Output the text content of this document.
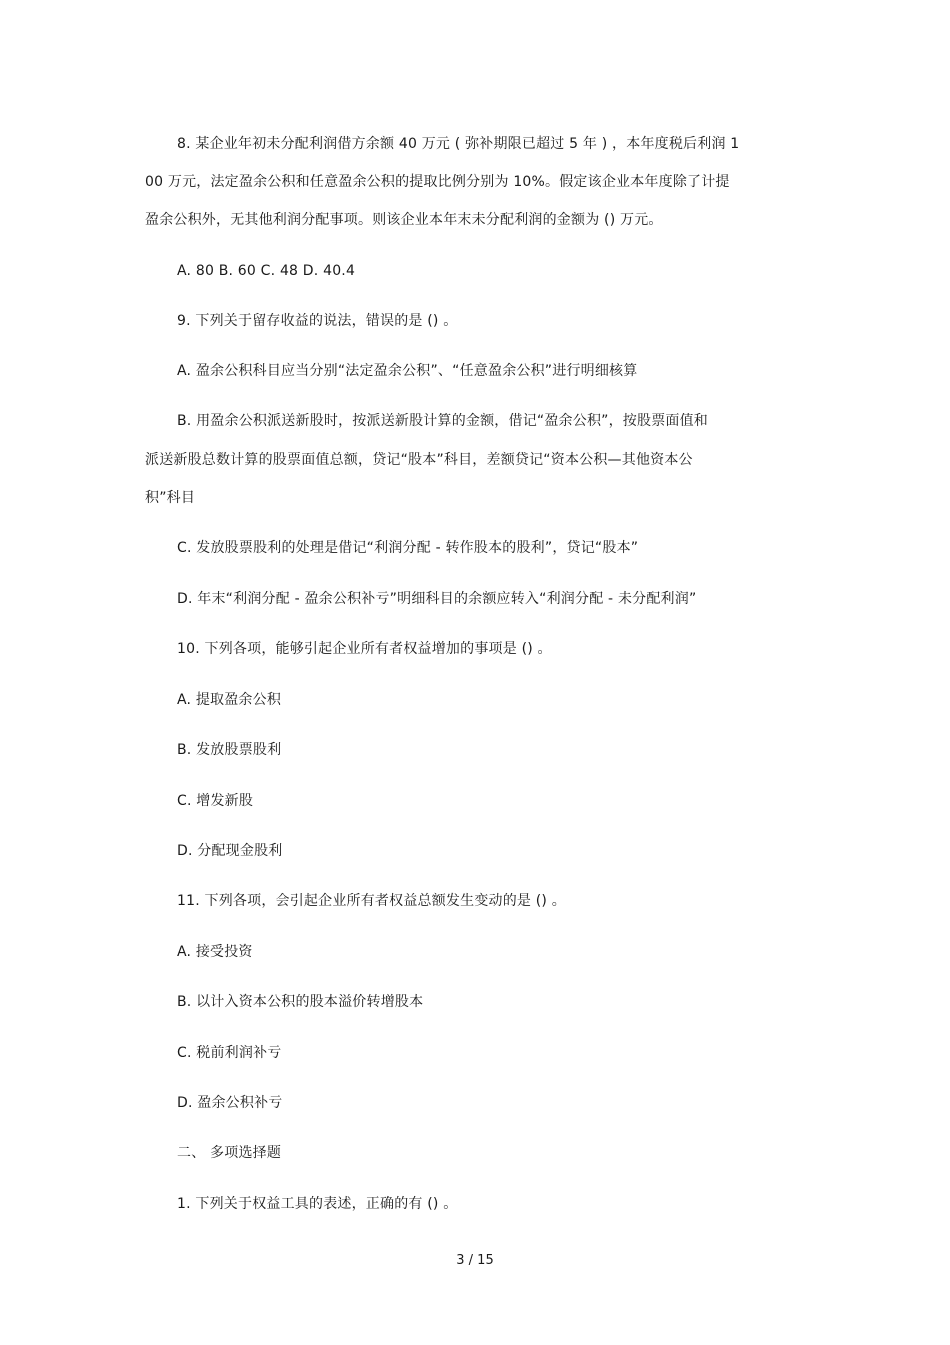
8. 某企业年初未分配利润借方余额 40 万元 ( 弥补期限已超过 5 年 ) ，本年度税后利润 1
00 万元，法定盈余公积和任意盈余公积的提取比例分别为 10%。假定该企业本年度除了计提
盈余公积外，无其他利润分配事项。则该企业本年末未分配利润的金额为 () 万元。
A. 80 B. 60 C. 48 D. 40.4
9. 下列关于留存收益的说法，错误的是 () 。
A. 盈余公积科目应当分别“法定盈余公积”、“任意盈余公积”进行明细核算
B. 用盈余公积派送新股时，按派送新股计算的金额，借记“盈余公积”，按股票面值和
派送新股总数计算的股票面值总额，贷记“股本”科目，差额贷记“资本公积—其他资本公
积”科目
C. 发放股票股利的处理是借记“利润分配 - 转作股本的股利”，贷记“股本”
D. 年末“利润分配 - 盈余公积补亏”明细科目的余额应转入“利润分配 - 未分配利润”
10. 下列各项，能够引起企业所有者权益增加的事项是 () 。
A. 提取盈余公积
B. 发放股票股利
C. 增发新股
D. 分配现金股利
11. 下列各项，会引起企业所有者权益总额发生变动的是 () 。
A. 接受投资
B. 以计入资本公积的股本溢价转增股本
C. 税前利润补亏
D. 盈余公积补亏
二、 多项选择题
1. 下列关于权益工具的表述，正确的有 () 。
3 / 15
